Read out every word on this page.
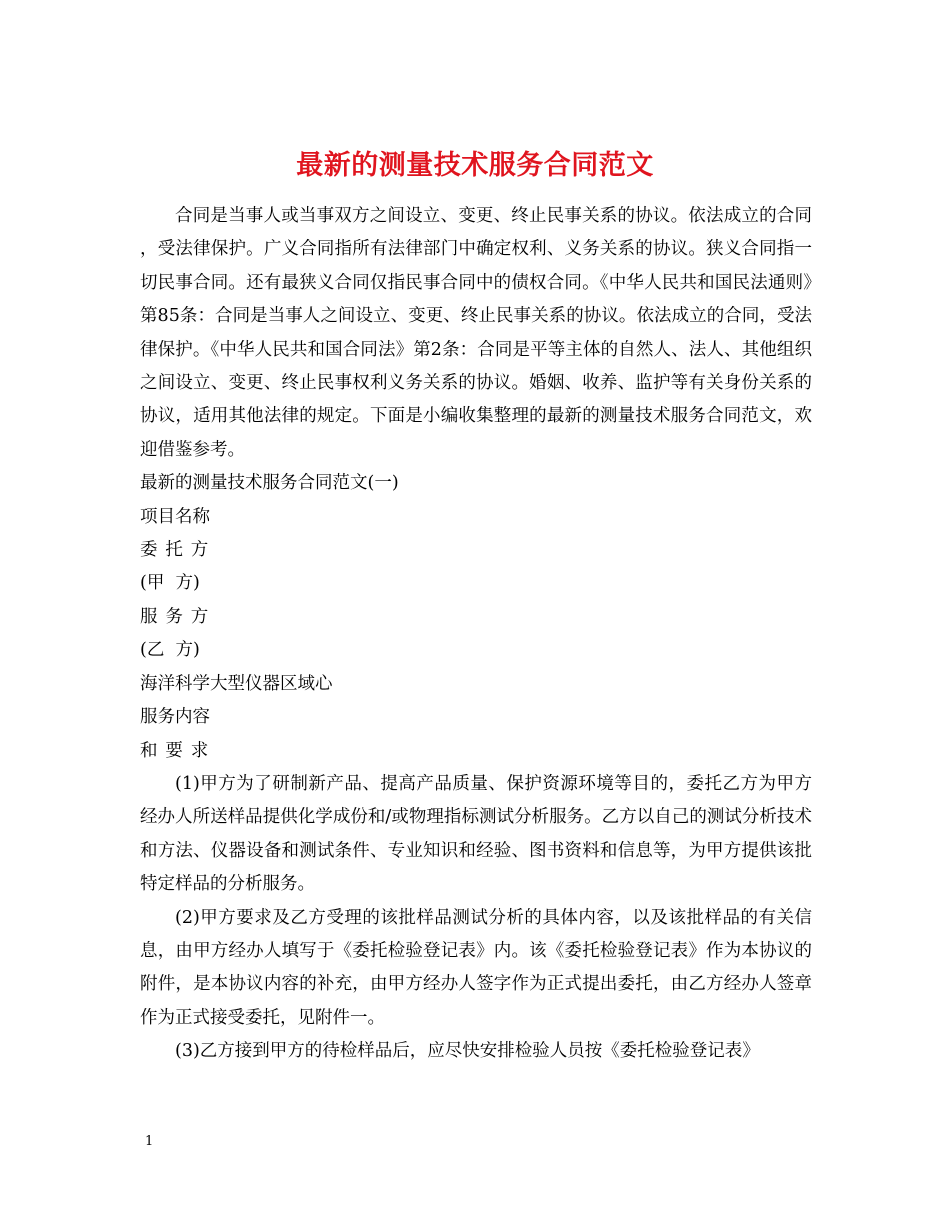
最新的测量技术服务合同范文

合同是当事人或当事双方之间设立、变更、终止民事关系的协议。依法成立的合同 ，受法律保护。广义合同指所有法律部门中确定权利、义务关系的协议。狭义合同指一切民事合同。还有最狭义合同仅指民事合同中的债权合同。《中华人民共和国民法通则》第85条：合同是当事人之间设立、变更、终止民事关系的协议。依法成立的合同，受法律保护。《中华人民共和国合同法》第2条：合同是平等主体的自然人、法人、其他组织之间设立、变更、终止民事权利义务关系的协议。婚姻、收养、监护等有关身份关系的协议，适用其他法律的规定。下面是小编收集整理的最新的测量技术服务合同范文，欢迎借鉴参考。

最新的测量技术服务合同范文(一)

项目名称

委托方

(甲  方)

服务方

(乙  方)

海洋科学大型仪器区域心

服务内容

和要求

(1)甲方为了研制新产品、提高产品质量、保护资源环境等目的，委托乙方为甲方经办人所送样品提供化学成份和/或物理指标测试分析服务。乙方以自己的测试分析技术和方法、仪器设备和测试条件、专业知识和经验、图书资料和信息等，为甲方提供该批特定样品的分析服务。

(2)甲方要求及乙方受理的该批样品测试分析的具体内容，以及该批样品的有关信息，由甲方经办人填写于《委托检验登记表》内。该《委托检验登记表》作为本协议的附件，是本协议内容的补充，由甲方经办人签字作为正式提出委托，由乙方经办人签章作为正式接受委托，见附件一。

(3)乙方接到甲方的待检样品后，应尽快安排检验人员按《委托检验登记表》

1
